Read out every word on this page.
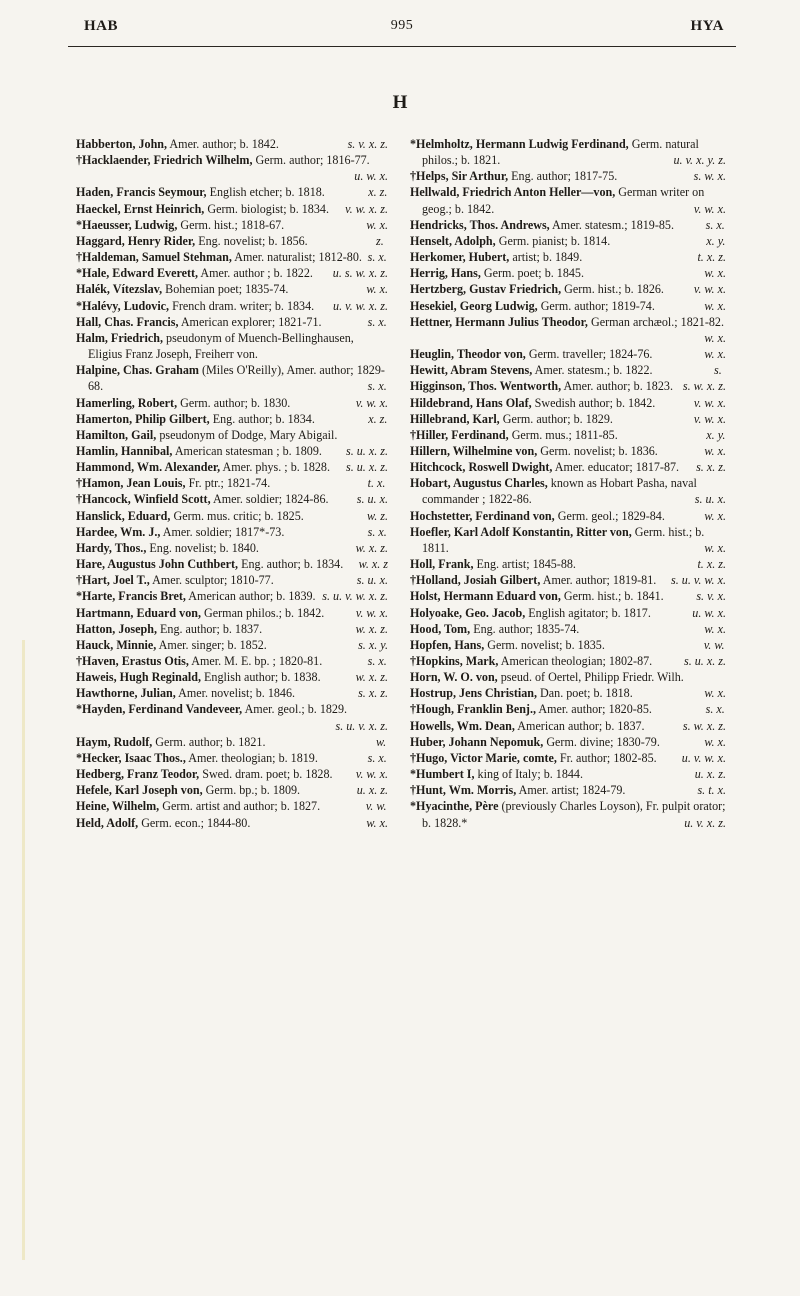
HAB	995	HYA
H

Habberton, John, Amer. author; b. 1842.	s. v. x. z.

†Hacklaender, Friedrich Wilhelm, Germ. author; 1816-77.
u. w. x.

Haden, Francis Seymour, English etcher; b. 1818.	x. z.

Haeckel, Ernst Heinrich, Germ. biologist; b. 1834. v. w. x. z.

*Haeusser, Ludwig, Germ. hist.; 1818-67.	w. x.

Haggard, Henry Rider, Eng. novelist; b. 1856.	z.

†Haldeman, Samuel Stehman, Amer. naturalist; 1812-80. s. x.

*Hale, Edward Everett, Amer. author ; b. 1822. u. s. w. x. z.

Halék, Vítezslav, Bohemian poet; 1835-74.	w. x.

*Halévy, Ludovic, French dram. writer; b. 1834. u. v. w. x. z.

Hall, Chas. Francis, American explorer; 1821-71.	s. x.

Halm, Friedrich, pseudonym of Muench-Bellinghausen, Eligius Franz Joseph, Freiherr von.

Halpine, Chas. Graham (Miles O'Reilly), Amer. author; 1829-68.	s. x.

Hamerling, Robert, Germ. author; b. 1830.	v. w. x.

Hamerton, Philip Gilbert, Eng. author; b. 1834.	x. z.

Hamilton, Gail, pseudonym of Dodge, Mary Abigail.

Hamlin, Hannibal, American statesman ; b. 1809. s. u. x. z.

Hammond, Wm. Alexander, Amer. phys. ; b. 1828. s. u. x. z.

†Hamon, Jean Louis, Fr. ptr.; 1821-74.	t. x.

†Hancock, Winfield Scott, Amer. soldier; 1824-86. s. u. x.

Hanslick, Eduard, Germ. mus. critic; b. 1825.	w. z.

Hardee, Wm. J., Amer. soldier; 1817*-73.	s. x.

Hardy, Thos., Eng. novelist; b. 1840.	w. x. z.

Hare, Augustus John Cuthbert, Eng. author; b. 1834. w. x. z

†Hart, Joel T., Amer. sculptor; 1810-77.	s. u. x.

*Harte, Francis Bret, American author; b. 1839. s. u. v. w. x. z.

Hartmann, Eduard von, German philos.; b. 1842.	v. w. x.

Hatton, Joseph, Eng. author; b. 1837.	w. x. z.

Hauck, Minnie, Amer. singer; b. 1852.	s. x. y.

†Haven, Erastus Otis, Amer. M. E. bp. ; 1820-81.	s. x.

Haweis, Hugh Reginald, English author; b. 1838.	w. x. z.

Hawthorne, Julian, Amer. novelist; b. 1846.	s. x. z.

*Hayden, Ferdinand Vandeveer, Amer. geol.; b. 1829.
s. u. v. x. z.

Haym, Rudolf, Germ. author; b. 1821.	w.

*Hecker, Isaac Thos., Amer. theologian; b. 1819.	s. x.

Hedberg, Franz Teodor, Swed. dram. poet; b. 1828. v. w. x.

Hefele, Karl Joseph von, Germ. bp.; b. 1809.	u. x. z.

Heine, Wilhelm, Germ. artist and author; b. 1827.	v. w.

Held, Adolf, Germ. econ.; 1844-80.	w. x.

*Helmholtz, Hermann Ludwig Ferdinand, Germ. natural philos.; b. 1821.	u. v. x. y. z.

†Helps, Sir Arthur, Eng. author; 1817-75.	s. w. x.

Hellwald, Friedrich Anton Heller—von, German writer on geog.; b. 1842.	v. w. x.

Hendricks, Thos. Andrews, Amer. statesm.; 1819-85.	s. x.

Henselt, Adolph, Germ. pianist; b. 1814.	x. y.

Herkomer, Hubert, artist; b. 1849.	t. x. z.

Herrig, Hans, Germ. poet; b. 1845.	w. x.

Hertzberg, Gustav Friedrich, Germ. hist.; b. 1826. v. w. x.

Hesekiel, Georg Ludwig, Germ. author; 1819-74.	w. x.

Hettner, Hermann Julius Theodor, German archæol.; 1821-82.
w. x.

Heuglin, Theodor von, Germ. traveller; 1824-76.	w. x.

Hewitt, Abram Stevens, Amer. statesm.; b. 1822.	s.

Higginson, Thos. Wentworth, Amer. author; b. 1823. s. w. x. z.

Hildebrand, Hans Olaf, Swedish author; b. 1842.	v. w. x.

Hillebrand, Karl, Germ. author; b. 1829.	v. w. x.

†Hiller, Ferdinand, Germ. mus.; 1811-85.	x. y.

Hillern, Wilhelmine von, Germ. novelist; b. 1836.	w. x.

Hitchcock, Roswell Dwight, Amer. educator; 1817-87. s. x. z.

Hobart, Augustus Charles, known as Hobart Pasha, naval commander ; 1822-86.	s. u. x.

Hochstetter, Ferdinand von, Germ. geol.; 1829-84.	w. x.

Hoefler, Karl Adolf Konstantin, Ritter von, Germ. hist.; b. 1811.	w. x.

Holl, Frank, Eng. artist; 1845-88.	t. x. z.

†Holland, Josiah Gilbert, Amer. author; 1819-81. s. u. v. w. x.

Holst, Hermann Eduard von, Germ. hist.; b. 1841.	s. v. x.

Holyoake, Geo. Jacob, English agitator; b. 1817.	u. w. x.

Hood, Tom, Eng. author; 1835-74.	w. x.

Hopfen, Hans, Germ. novelist; b. 1835.	v. w.

†Hopkins, Mark, American theologian; 1802-87.	s. u. x. z.

Horn, W. O. von, pseud. of Oertel, Philipp Friedr. Wilh.

Hostrup, Jens Christian, Dan. poet; b. 1818.	w. x.

†Hough, Franklin Benj., Amer. author; 1820-85.	s. x.

Howells, Wm. Dean, American author; b. 1837.	s. w. x. z.

Huber, Johann Nepomuk, Germ. divine; 1830-79.	w. x.

†Hugo, Victor Marie, comte, Fr. author; 1802-85. u. v. w. x.

*Humbert I, king of Italy; b. 1844.	u. x. z.

†Hunt, Wm. Morris, Amer. artist; 1824-79.	s. t. x.

*Hyacinthe, Père (previously Charles Loyson), Fr. pulpit orator; b. 1828.*	u. v. x. z.
